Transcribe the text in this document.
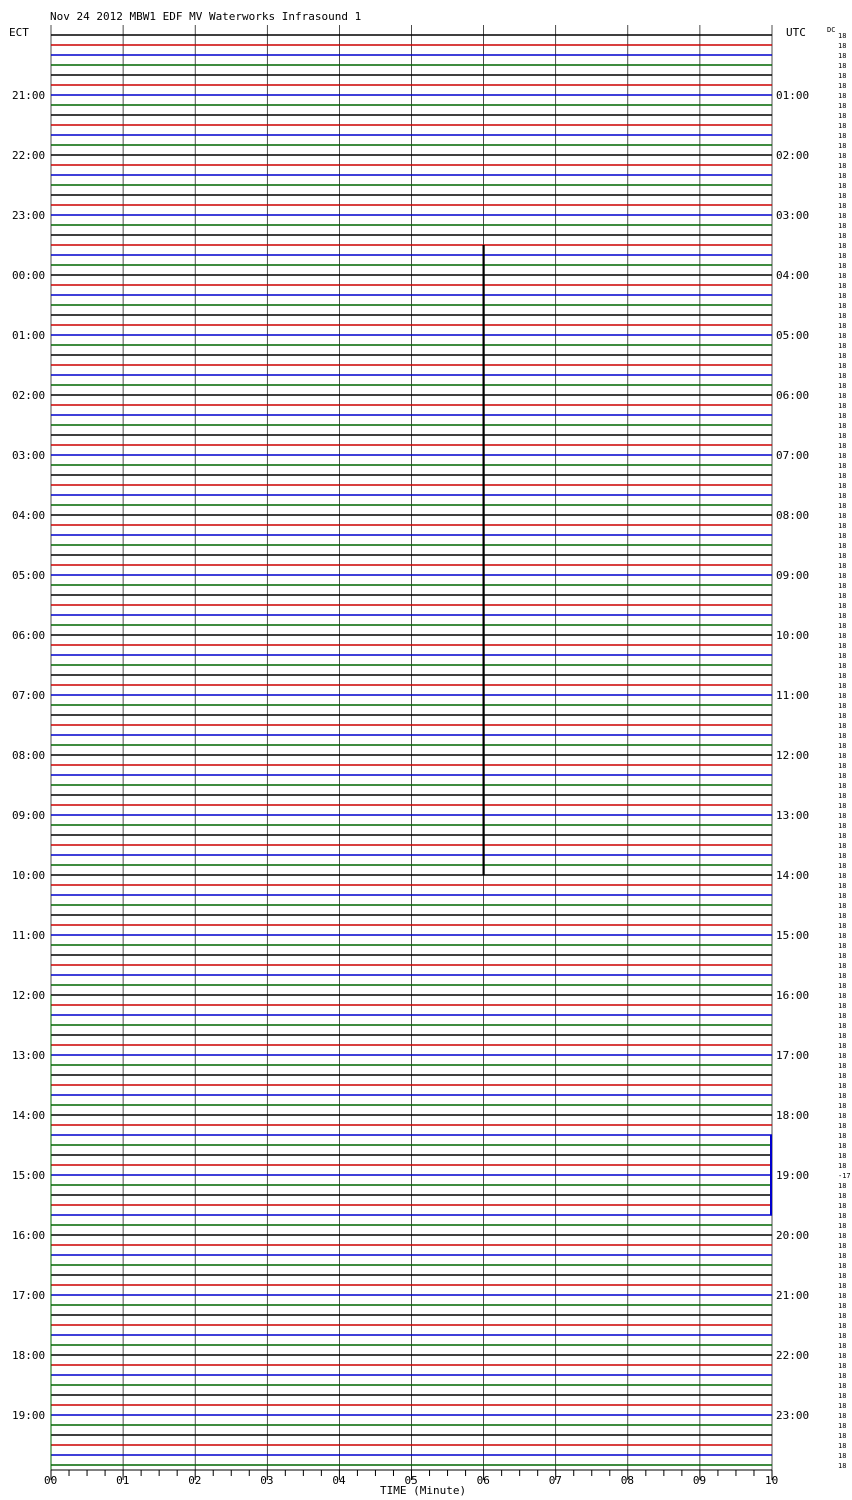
Nov 24 2012 MBW1 EDF MV Waterworks Infrasound 1
ECT	UTC	DC
TIME (Minute)
18
18
18
18
18
18
18
18
18
18
18
18
18
18
18
18
18
18
18
18
18
18
18
18
18
18
18
18
18
18
18
18
18
18
18
18
18
18
18
18
18
18
18
18
18
18
18
18
18
18
18
18
18
18
18
18
18
18
18
18
18
18
18
18
18
18
18
18
18
18
18
18
18
18
18
18
18
18
18
18
18
18
18
18
18
18
18
18
18
18
18
18
18
18
18
18
18
18
18
18
18
18
18
18
18
18
18
18
18
18
18
18
18
18
-17
18
18
18
18
18
18
18
18
18
18
18
18
18
18
18
18
18
18
18
18
18
18
18
18
18
18
18
18
18
21:00	01:00
22:00	02:00
23:00	03:00
00:00	04:00
01:00	05:00
02:00	06:00
03:00	07:00
04:00	08:00
05:00	09:00
06:00	10:00
07:00	11:00
08:00	12:00
09:00	13:00
10:00	14:00
11:00	15:00
12:00	16:00
13:00	17:00
14:00	18:00
15:00	19:00
16:00	20:00
17:00	21:00
18:00	22:00
19:00	23:00
00	01	02	03	04	05	06	07	08	09	10
